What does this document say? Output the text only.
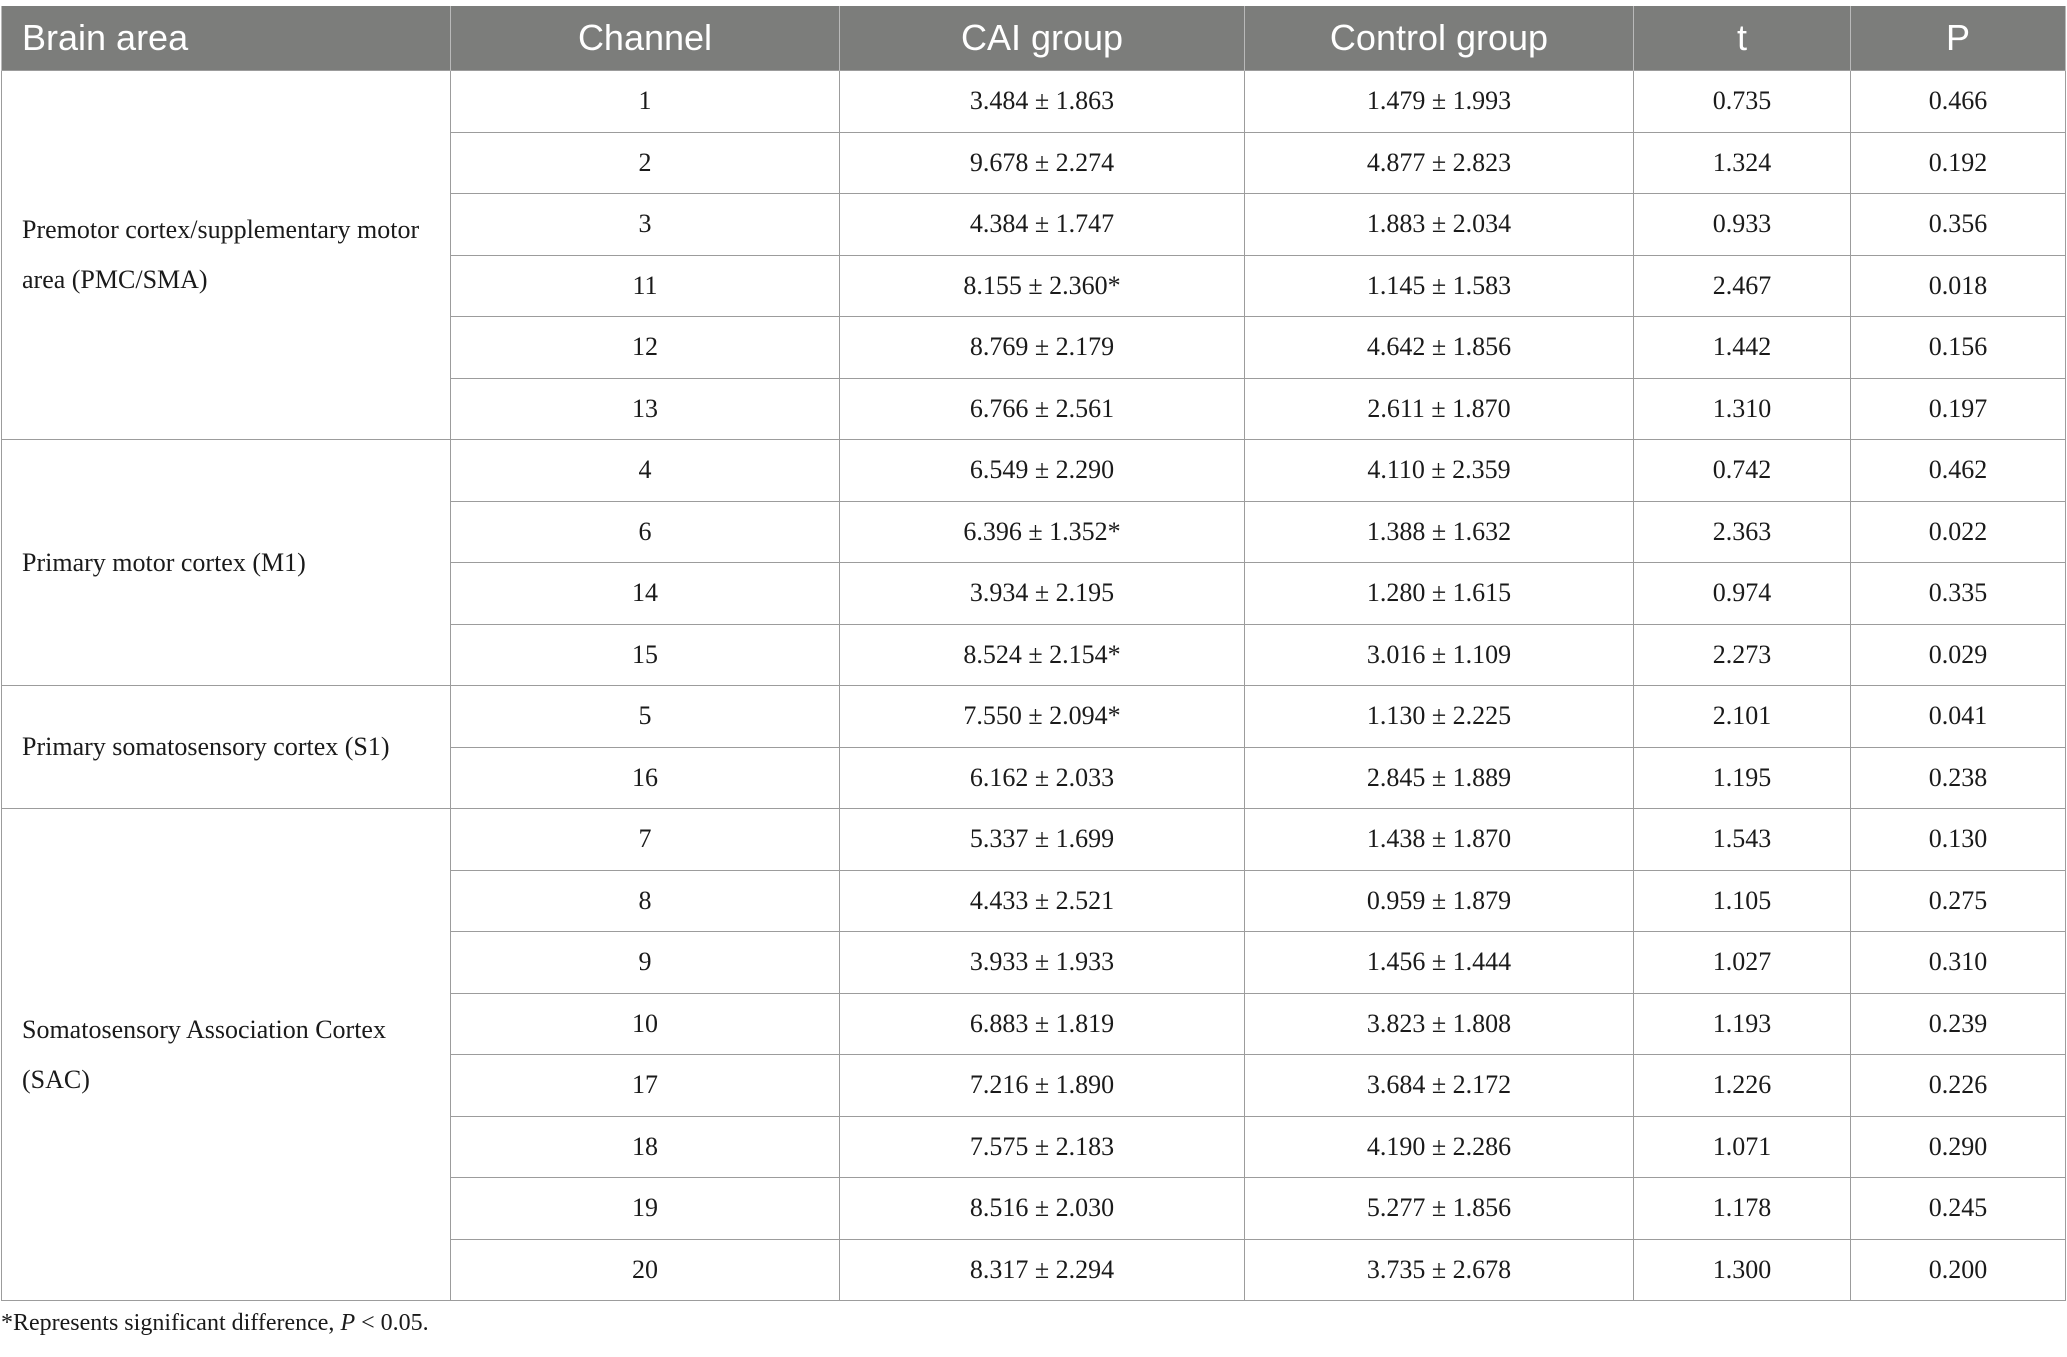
Brain area	Channel	CAI group	Control group	t	P
Premotor cortex/supplementary motor area (PMC/SMA)	1	3.484 ± 1.863	1.479 ± 1.993	0.735	0.466
	2	9.678 ± 2.274	4.877 ± 2.823	1.324	0.192
	3	4.384 ± 1.747	1.883 ± 2.034	0.933	0.356
	11	8.155 ± 2.360*	1.145 ± 1.583	2.467	0.018
	12	8.769 ± 2.179	4.642 ± 1.856	1.442	0.156
	13	6.766 ± 2.561	2.611 ± 1.870	1.310	0.197
Primary motor cortex (M1)	4	6.549 ± 2.290	4.110 ± 2.359	0.742	0.462
	6	6.396 ± 1.352*	1.388 ± 1.632	2.363	0.022
	14	3.934 ± 2.195	1.280 ± 1.615	0.974	0.335
	15	8.524 ± 2.154*	3.016 ± 1.109	2.273	0.029
Primary somatosensory cortex (S1)	5	7.550 ± 2.094*	1.130 ± 2.225	2.101	0.041
	16	6.162 ± 2.033	2.845 ± 1.889	1.195	0.238
Somatosensory Association Cortex (SAC)	7	5.337 ± 1.699	1.438 ± 1.870	1.543	0.130
	8	4.433 ± 2.521	0.959 ± 1.879	1.105	0.275
	9	3.933 ± 1.933	1.456 ± 1.444	1.027	0.310
	10	6.883 ± 1.819	3.823 ± 1.808	1.193	0.239
	17	7.216 ± 1.890	3.684 ± 2.172	1.226	0.226
	18	7.575 ± 2.183	4.190 ± 2.286	1.071	0.290
	19	8.516 ± 2.030	5.277 ± 1.856	1.178	0.245
	20	8.317 ± 2.294	3.735 ± 2.678	1.300	0.200
*Represents significant difference, P < 0.05.
